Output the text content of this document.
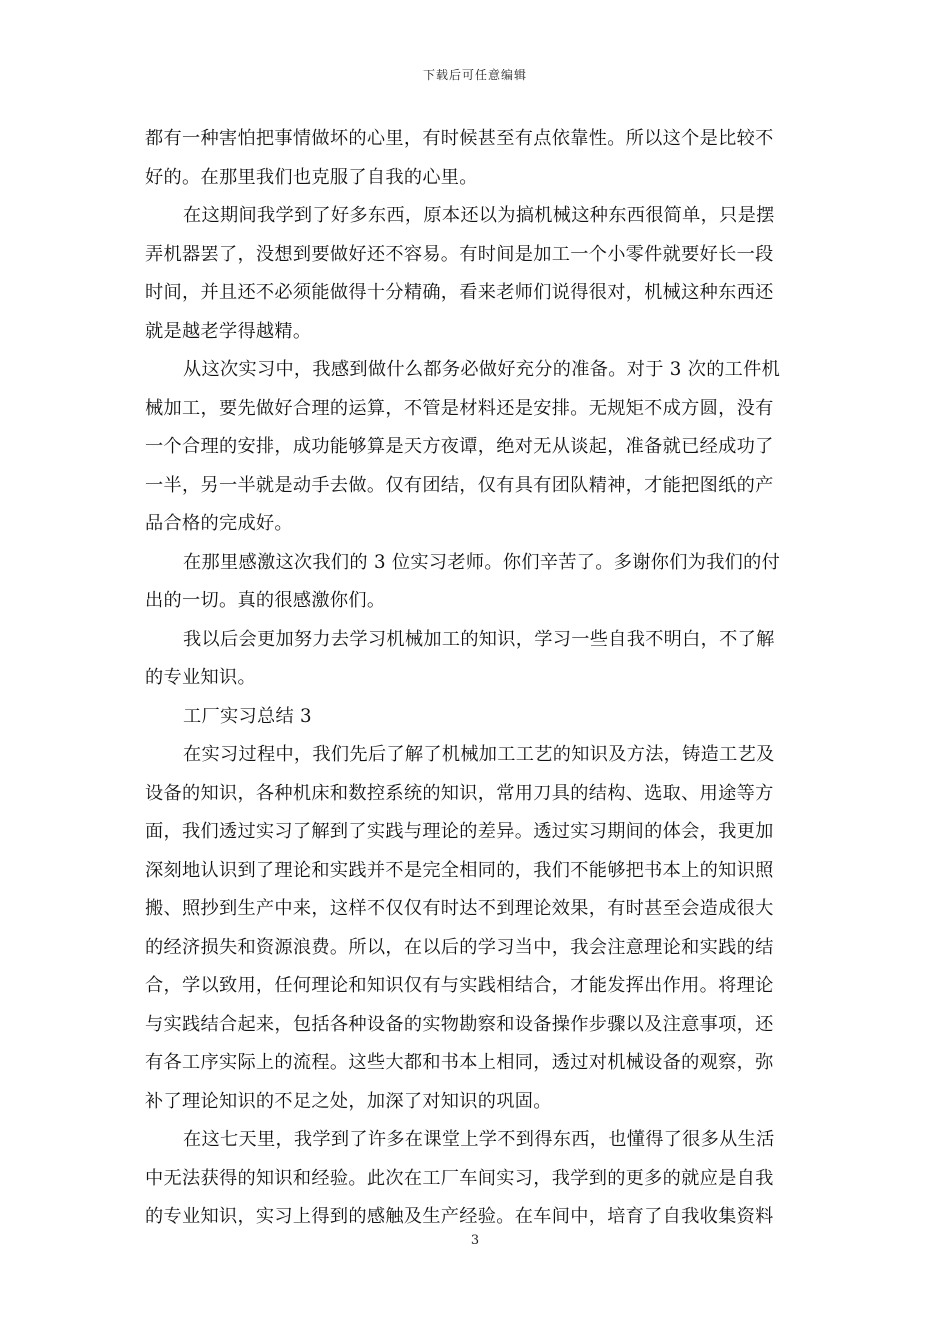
下载后可任意编辑
都有一种害怕把事情做坏的心里，有时候甚至有点依靠性。所以这个是比较不
好的。在那里我们也克服了自我的心里。
在这期间我学到了好多东西，原本还以为搞机械这种东西很简单，只是摆
弄机器罢了，没想到要做好还不容易。有时间是加工一个小零件就要好长一段
时间，并且还不必须能做得十分精确，看来老师们说得很对，机械这种东西还
就是越老学得越精。
从这次实习中，我感到做什么都务必做好充分的准备。对于 3 次的工件机
械加工，要先做好合理的运算，不管是材料还是安排。无规矩不成方圆，没有
一个合理的安排，成功能够算是天方夜谭，绝对无从谈起，准备就已经成功了
一半，另一半就是动手去做。仅有团结，仅有具有团队精神，才能把图纸的产
品合格的完成好。
在那里感激这次我们的 3 位实习老师。你们辛苦了。多谢你们为我们的付
出的一切。真的很感激你们。
我以后会更加努力去学习机械加工的知识，学习一些自我不明白，不了解
的专业知识。
工厂实习总结 3
在实习过程中，我们先后了解了机械加工工艺的知识及方法，铸造工艺及
设备的知识，各种机床和数控系统的知识，常用刀具的结构、选取、用途等方
面，我们透过实习了解到了实践与理论的差异。透过实习期间的体会，我更加
深刻地认识到了理论和实践并不是完全相同的，我们不能够把书本上的知识照
搬、照抄到生产中来，这样不仅仅有时达不到理论效果，有时甚至会造成很大
的经济损失和资源浪费。所以，在以后的学习当中，我会注意理论和实践的结
合，学以致用，任何理论和知识仅有与实践相结合，才能发挥出作用。将理论
与实践结合起来，包括各种设备的实物勘察和设备操作步骤以及注意事项，还
有各工序实际上的流程。这些大都和书本上相同，透过对机械设备的观察，弥
补了理论知识的不足之处，加深了对知识的巩固。
在这七天里，我学到了许多在课堂上学不到得东西，也懂得了很多从生活
中无法获得的知识和经验。此次在工厂车间实习，我学到的更多的就应是自我
的专业知识，实习上得到的感触及生产经验。在车间中，培育了自我收集资料
3
